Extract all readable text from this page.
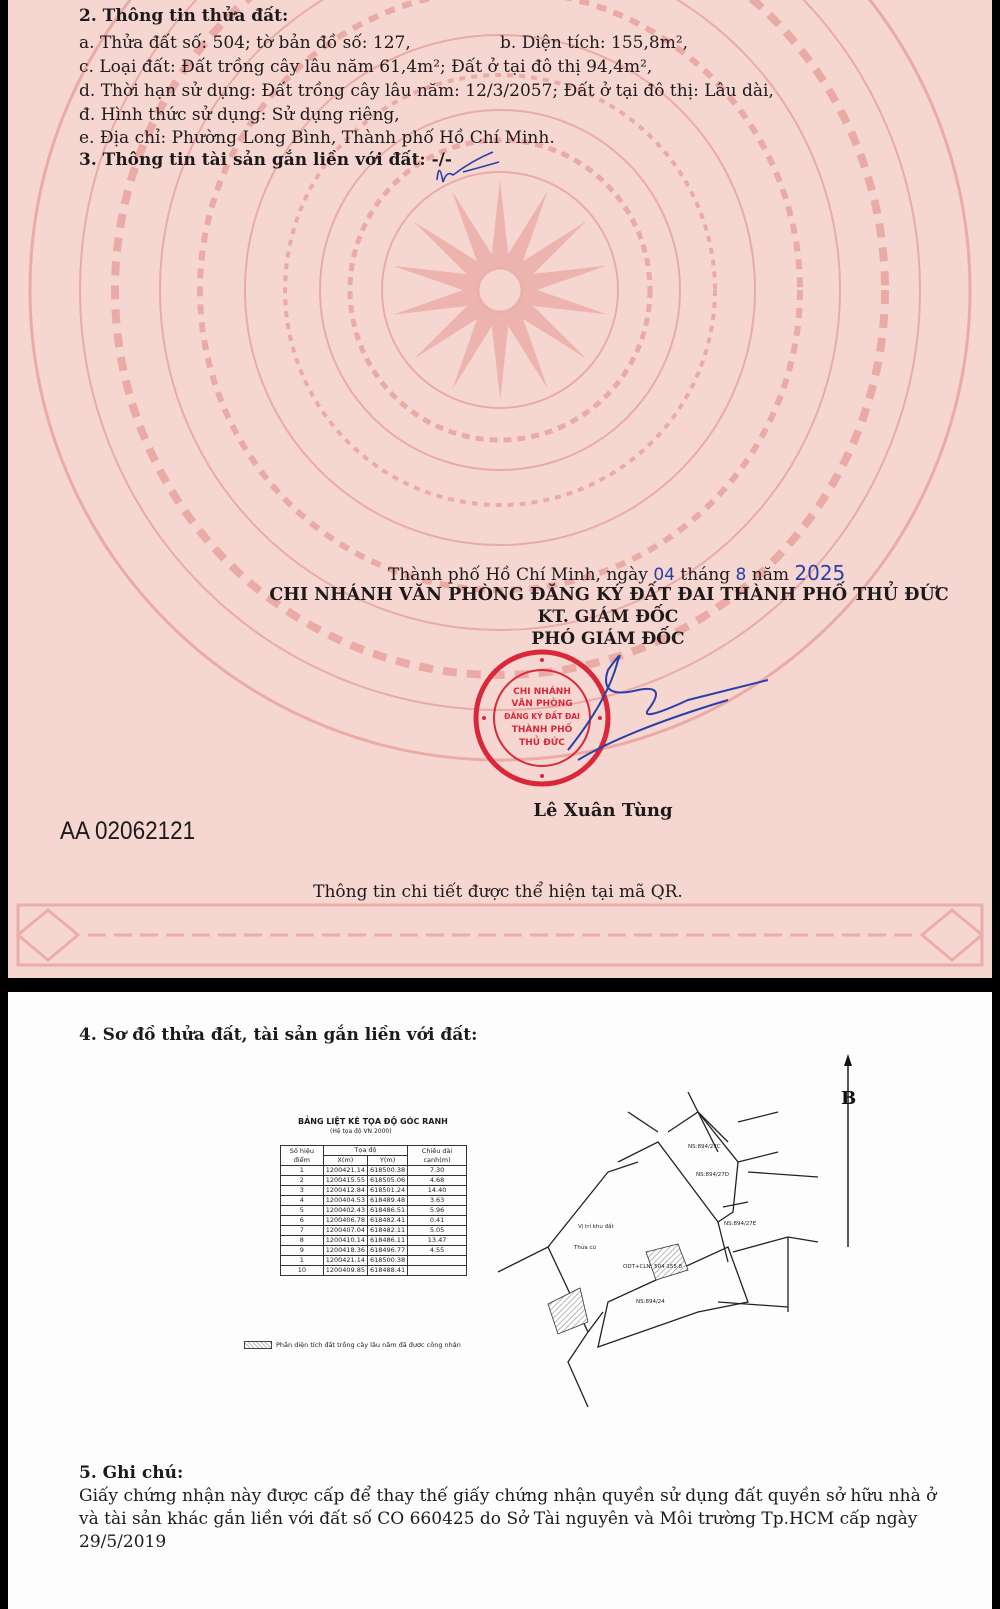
2. Thông tin thửa đất:
a. Thửa đất số: 504; tờ bản đồ số: 127,	b. Diện tích: 155,8m²,
c. Loại đất: Đất trồng cây lâu năm 61,4m²; Đất ở tại đô thị 94,4m²,
d. Thời hạn sử dụng: Đất trồng cây lâu năm: 12/3/2057; Đất ở tại đô thị: Lâu dài,
đ. Hình thức sử dụng: Sử dụng riêng,
e. Địa chỉ: Phường Long Bình, Thành phố Hồ Chí Minh.
3. Thông tin tài sản gắn liền với đất: -/-
Thành phố Hồ Chí Minh, ngày 04 tháng 8 năm 2025
CHI NHÁNH VĂN PHÒNG ĐĂNG KÝ ĐẤT ĐAI THÀNH PHỐ THỦ ĐỨC
KT. GIÁM ĐỐC
PHÓ GIÁM ĐỐC
CHI NHÁNH
VĂN PHÒNG
ĐĂNG KÝ ĐẤT ĐAI
THÀNH PHỐ
THỦ ĐỨC
Lê Xuân Tùng
AA 02062121
Thông tin chi tiết được thể hiện tại mã QR.
4. Sơ đồ thửa đất, tài sản gắn liền với đất:
BẢNG LIỆT KÊ TỌA ĐỘ GÓC RANH
(Hệ tọa độ VN 2000)
Số hiệu điểm	Tọa độ		Chiều dài cạnh(m)
	X(m)	Y(m)	
1	1200421.14	618500.38	7.30
2	1200415.55	618505.06	4.68
3	1200412.84	618501.24	14.40
4	1200404.53	618489.48	3.63
5	1200402.43	618486.51	5.96
6	1200406.78	618482.41	0.41
7	1200407.04	618482.11	5.05
8	1200410.14	618486.11	13.47
9	1200418.36	618496.77	4.55
1	1200421.14	618500.38	
10	1200409.85	618488.41	
Phần diện tích đất trồng cây lâu năm đã được công nhận
B
NS:894/27C
NS:894/27D
NS:894/27E
NS:894/24
Vị trí khu đất
Thửa cũ
ODT+CLN: 504 155.8
5. Ghi chú:
Giấy chứng nhận này được cấp để thay thế giấy chứng nhận quyền sử dụng đất quyền sở hữu nhà ở và tài sản khác gắn liền với đất số CO 660425 do Sở Tài nguyên và Môi trường Tp.HCM cấp ngày 29/5/2019
